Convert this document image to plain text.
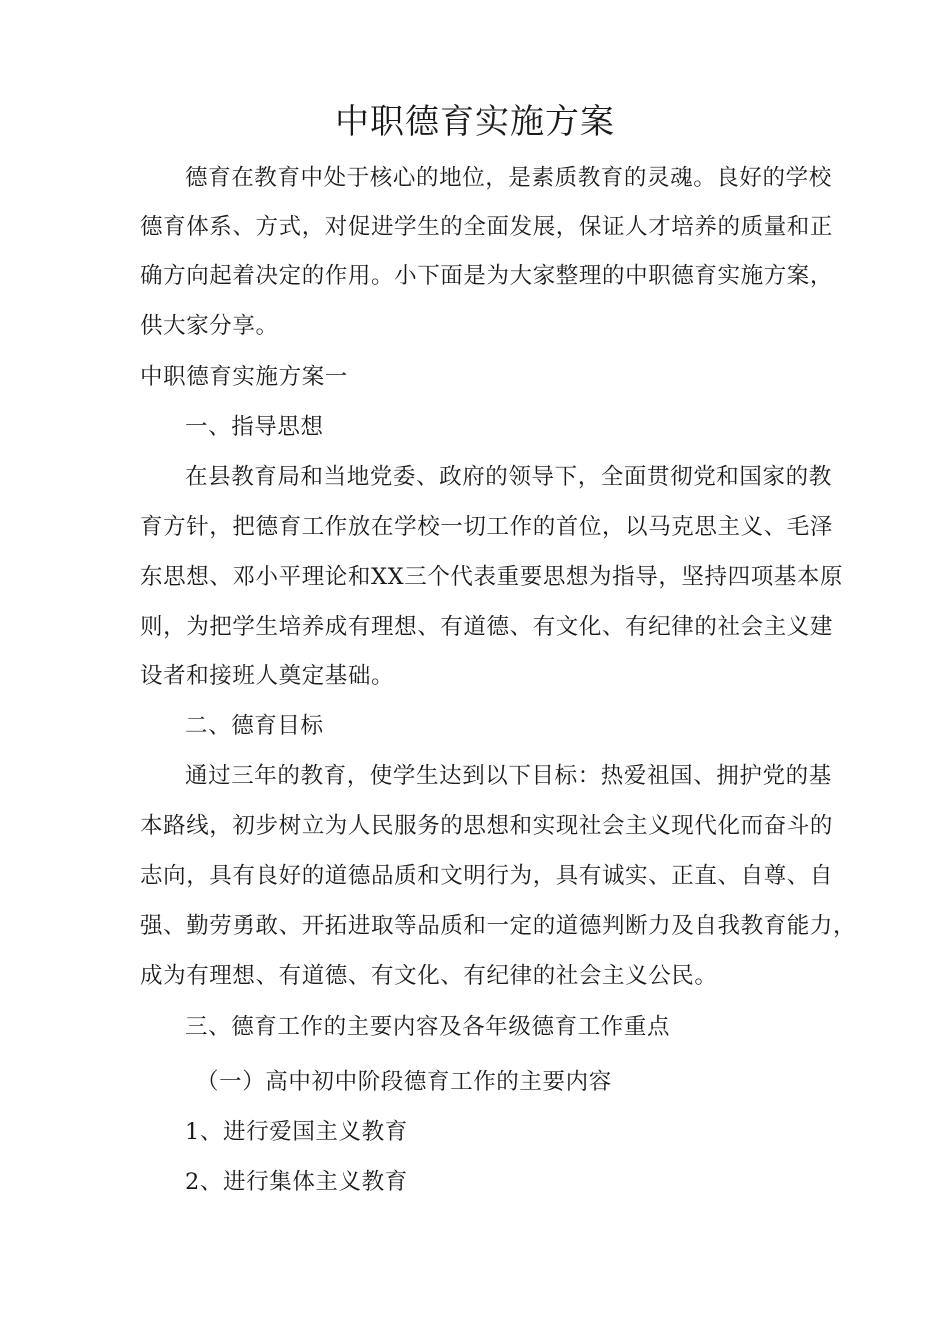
中职德育实施方案
德育在教育中处于核心的地位，是素质教育的灵魂。良好的学校
德育体系、方式，对促进学生的全面发展，保证人才培养的质量和正
确方向起着决定的作用。小下面是为大家整理的中职德育实施方案，
供大家分享。
中职德育实施方案一
一、指导思想
在县教育局和当地党委、政府的领导下，全面贯彻党和国家的教
育方针，把德育工作放在学校一切工作的首位，以马克思主义、毛泽
东思想、邓小平理论和XX三个代表重要思想为指导，坚持四项基本原
则，为把学生培养成有理想、有道德、有文化、有纪律的社会主义建
设者和接班人奠定基础。
二、德育目标
通过三年的教育，使学生达到以下目标：热爱祖国、拥护党的基
本路线，初步树立为人民服务的思想和实现社会主义现代化而奋斗的
志向，具有良好的道德品质和文明行为，具有诚实、正直、自尊、自
强、勤劳勇敢、开拓进取等品质和一定的道德判断力及自我教育能力，
成为有理想、有道德、有文化、有纪律的社会主义公民。
三、德育工作的主要内容及各年级德育工作重点
（一）高中初中阶段德育工作的主要内容
1、进行爱国主义教育
2、进行集体主义教育
